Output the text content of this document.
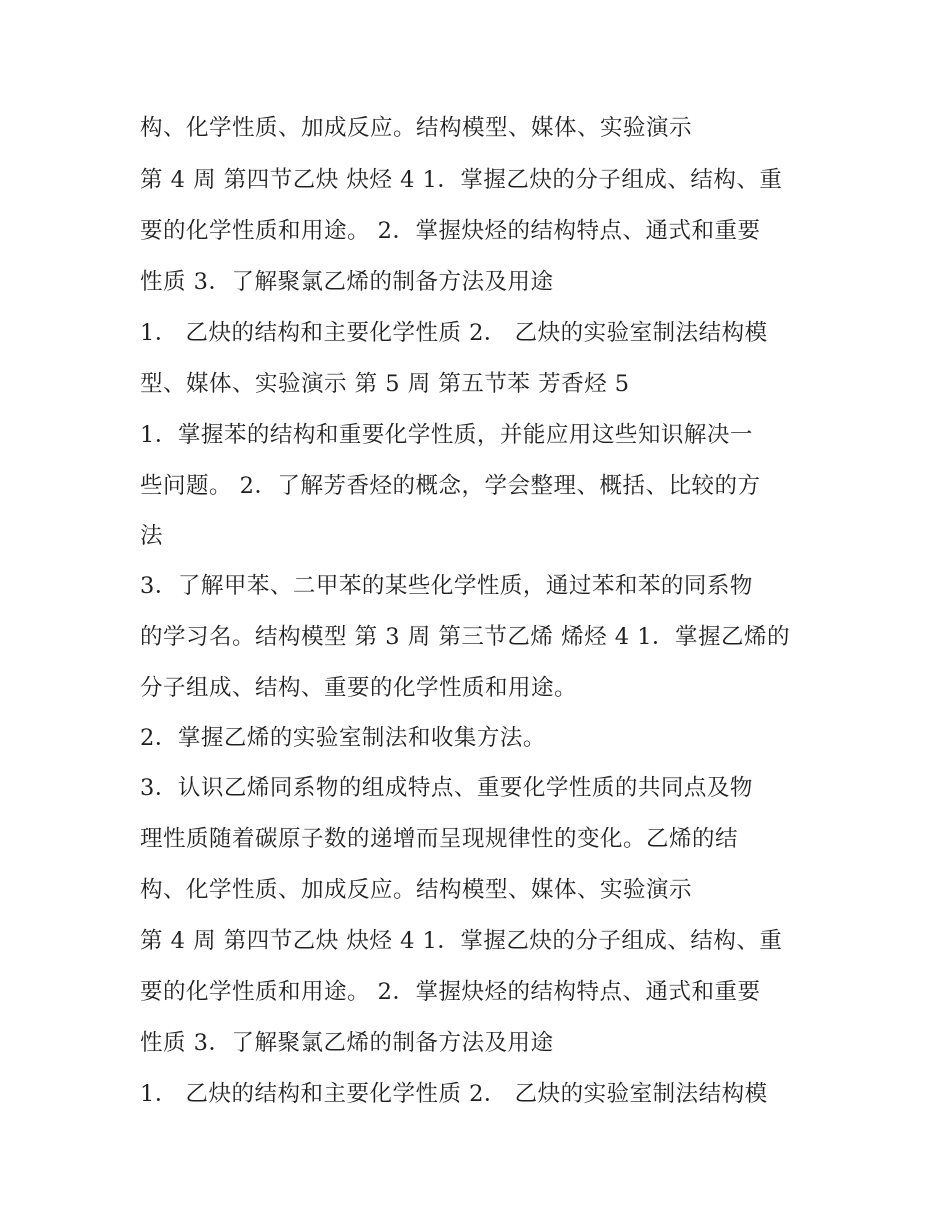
构、化学性质、加成反应。结构模型、媒体、实验演示
第 4 周 第四节乙炔 炔烃 4 1．掌握乙炔的分子组成、结构、重
要的化学性质和用途。 2．掌握炔烃的结构特点、通式和重要
性质 3．了解聚氯乙烯的制备方法及用途
1． 乙炔的结构和主要化学性质 2． 乙炔的实验室制法结构模
型、媒体、实验演示 第 5 周 第五节苯 芳香烃 5
1．掌握苯的结构和重要化学性质，并能应用这些知识解决一
些问题。 2．了解芳香烃的概念，学会整理、概括、比较的方
法
3．了解甲苯、二甲苯的某些化学性质，通过苯和苯的同系物
的学习名。结构模型 第 3 周 第三节乙烯 烯烃 4 1．掌握乙烯的
分子组成、结构、重要的化学性质和用途。
2．掌握乙烯的实验室制法和收集方法。
3．认识乙烯同系物的组成特点、重要化学性质的共同点及物
理性质随着碳原子数的递增而呈现规律性的变化。乙烯的结
构、化学性质、加成反应。结构模型、媒体、实验演示
第 4 周 第四节乙炔 炔烃 4 1．掌握乙炔的分子组成、结构、重
要的化学性质和用途。 2．掌握炔烃的结构特点、通式和重要
性质 3．了解聚氯乙烯的制备方法及用途
1． 乙炔的结构和主要化学性质 2． 乙炔的实验室制法结构模
